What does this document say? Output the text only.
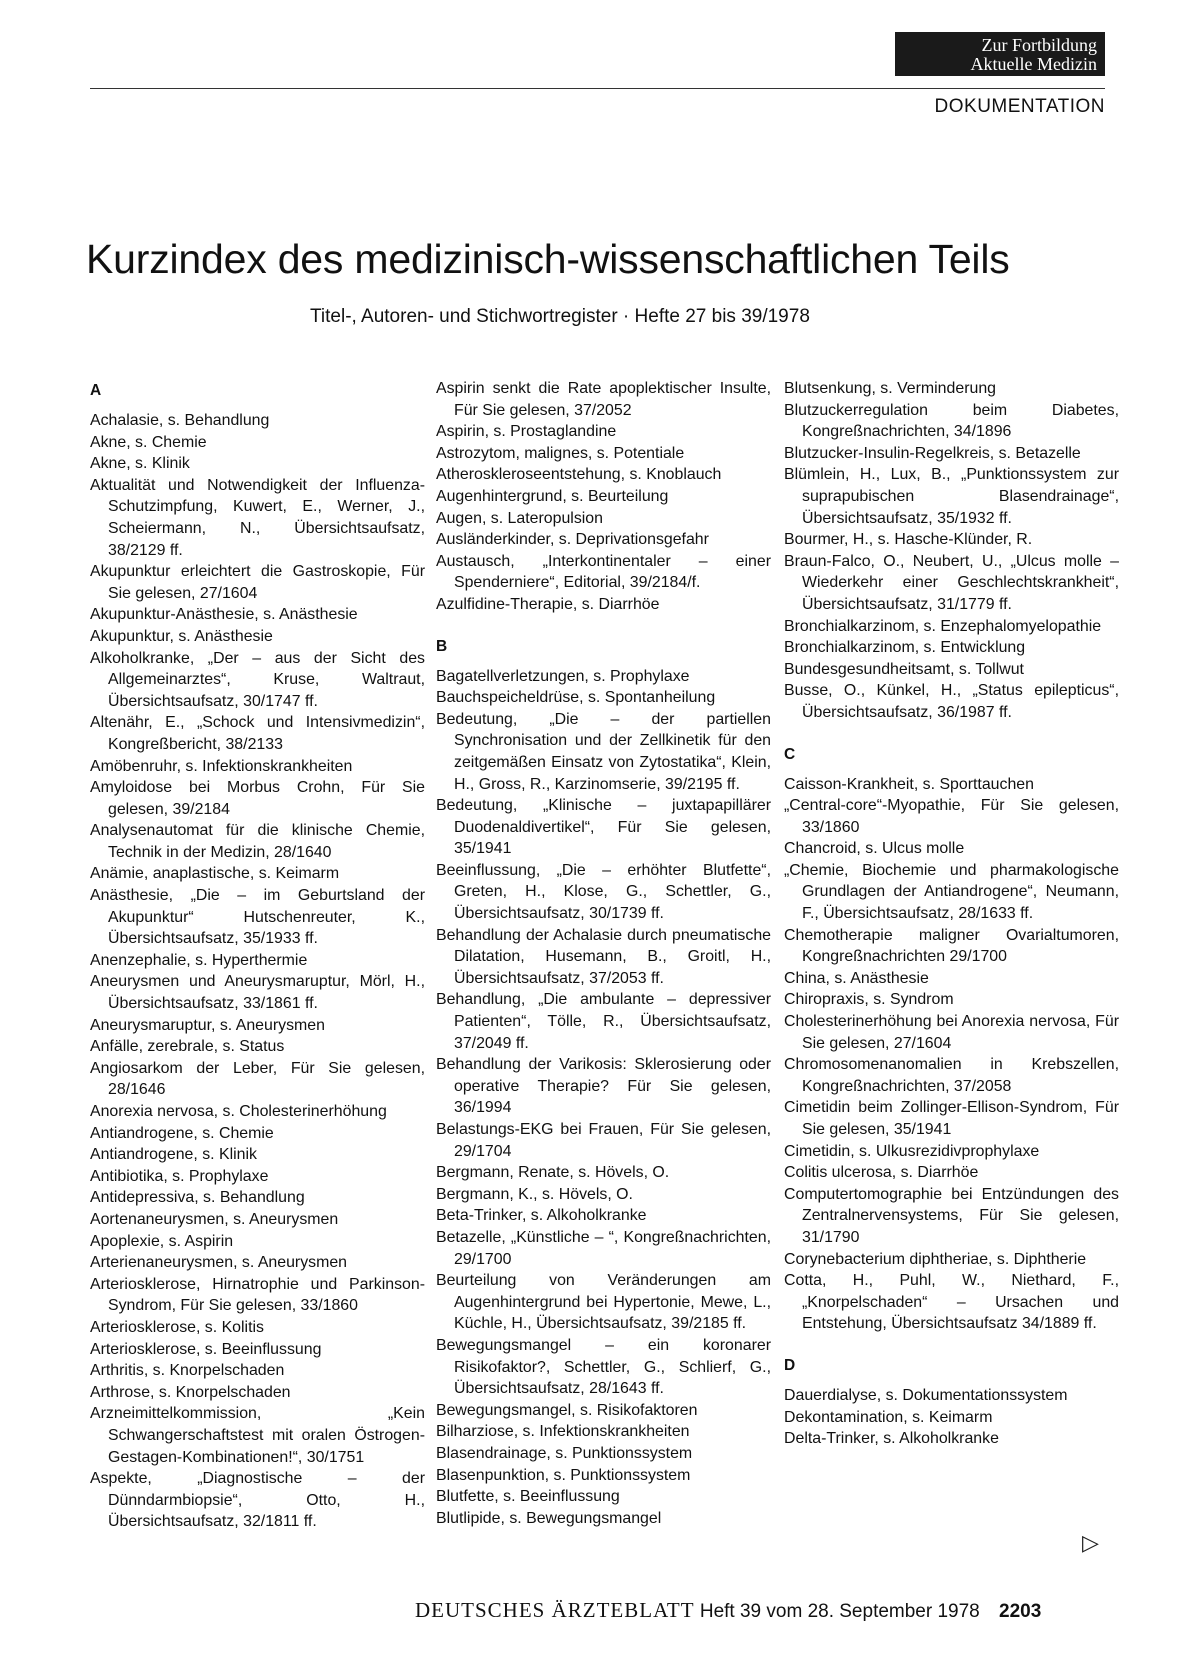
Zur Fortbildung
Aktuelle Medizin
DOKUMENTATION
Kurzindex des medizinisch-wissenschaftlichen Teils
Titel-, Autoren- und Stichwortregister · Hefte 27 bis 39/1978
A
Achalasie, s. Behandlung
Akne, s. Chemie
Akne, s. Klinik
Aktualität und Notwendigkeit der Influenza-Schutzimpfung, Kuwert, E., Werner, J., Scheiermann, N., Übersichtsaufsatz, 38/2129 ff.
Akupunktur erleichtert die Gastroskopie, Für Sie gelesen, 27/1604
Akupunktur-Anästhesie, s. Anästhesie
Akupunktur, s. Anästhesie
Alkoholkranke, „Der – aus der Sicht des Allgemeinarztes“, Kruse, Waltraut, Übersichtsaufsatz, 30/1747 ff.
Altenähr, E., „Schock und Intensivmedizin“, Kongreßbericht, 38/2133
Amöbenruhr, s. Infektionskrankheiten
Amyloidose bei Morbus Crohn, Für Sie gelesen, 39/2184
Analysenautomat für die klinische Chemie, Technik in der Medizin, 28/1640
Anämie, anaplastische, s. Keimarm
Anästhesie, „Die – im Geburtsland der Akupunktur“ Hutschenreuter, K., Übersichtsaufsatz, 35/1933 ff.
Anenzephalie, s. Hyperthermie
Aneurysmen und Aneurysmaruptur, Mörl, H., Übersichtsaufsatz, 33/1861 ff.
Aneurysmaruptur, s. Aneurysmen
Anfälle, zerebrale, s. Status
Angiosarkom der Leber, Für Sie gelesen, 28/1646
Anorexia nervosa, s. Cholesterinerhöhung
Antiandrogene, s. Chemie
Antiandrogene, s. Klinik
Antibiotika, s. Prophylaxe
Antidepressiva, s. Behandlung
Aortenaneurysmen, s. Aneurysmen
Apoplexie, s. Aspirin
Arterienaneurysmen, s. Aneurysmen
Arteriosklerose, Hirnatrophie und Parkinson-Syndrom, Für Sie gelesen, 33/1860
Arteriosklerose, s. Kolitis
Arteriosklerose, s. Beeinflussung
Arthritis, s. Knorpelschaden
Arthrose, s. Knorpelschaden
Arzneimittelkommission, „Kein Schwangerschaftstest mit oralen Östrogen-Gestagen-Kombinationen!“, 30/1751
Aspekte, „Diagnostische – der Dünndarmbiopsie“, Otto, H., Übersichtsaufsatz, 32/1811 ff.
Aspirin senkt die Rate apoplektischer Insulte, Für Sie gelesen, 37/2052
Aspirin, s. Prostaglandine
Astrozytom, malignes, s. Potentiale
Atheroskleroseentstehung, s. Knoblauch
Augenhintergrund, s. Beurteilung
Augen, s. Lateropulsion
Ausländerkinder, s. Deprivationsgefahr
Austausch, „Interkontinentaler – einer Spenderniere“, Editorial, 39/2184/f.
Azulfidine-Therapie, s. Diarrhöe
B
Bagatellverletzungen, s. Prophylaxe
Bauchspeicheldrüse, s. Spontanheilung
Bedeutung, „Die – der partiellen Synchronisation und der Zellkinetik für den zeitgemäßen Einsatz von Zytostatika“, Klein, H., Gross, R., Karzinomserie, 39/2195 ff.
Bedeutung, „Klinische – juxtapapillärer Duodenaldivertikel“, Für Sie gelesen, 35/1941
Beeinflussung, „Die – erhöhter Blutfette“, Greten, H., Klose, G., Schettler, G., Übersichtsaufsatz, 30/1739 ff.
Behandlung der Achalasie durch pneumatische Dilatation, Husemann, B., Groitl, H., Übersichtsaufsatz, 37/2053 ff.
Behandlung, „Die ambulante – depressiver Patienten“, Tölle, R., Übersichtsaufsatz, 37/2049 ff.
Behandlung der Varikosis: Sklerosierung oder operative Therapie? Für Sie gelesen, 36/1994
Belastungs-EKG bei Frauen, Für Sie gelesen, 29/1704
Bergmann, Renate, s. Hövels, O.
Bergmann, K., s. Hövels, O.
Beta-Trinker, s. Alkoholkranke
Betazelle, „Künstliche – “, Kongreßnachrichten, 29/1700
Beurteilung von Veränderungen am Augenhintergrund bei Hypertonie, Mewe, L., Küchle, H., Übersichtsaufsatz, 39/2185 ff.
Bewegungsmangel – ein koronarer Risikofaktor?, Schettler, G., Schlierf, G., Übersichtsaufsatz, 28/1643 ff.
Bewegungsmangel, s. Risikofaktoren
Bilharziose, s. Infektionskrankheiten
Blasendrainage, s. Punktionssystem
Blasenpunktion, s. Punktionssystem
Blutfette, s. Beeinflussung
Blutlipide, s. Bewegungsmangel
Blutsenkung, s. Verminderung
Blutzuckerregulation beim Diabetes, Kongreßnachrichten, 34/1896
Blutzucker-Insulin-Regelkreis, s. Betazelle
Blümlein, H., Lux, B., „Punktionssystem zur suprapubischen Blasendrainage“, Übersichtsaufsatz, 35/1932 ff.
Bourmer, H., s. Hasche-Klünder, R.
Braun-Falco, O., Neubert, U., „Ulcus molle – Wiederkehr einer Geschlechtskrankheit“, Übersichtsaufsatz, 31/1779 ff.
Bronchialkarzinom, s. Enzephalomyelopathie
Bronchialkarzinom, s. Entwicklung
Bundesgesundheitsamt, s. Tollwut
Busse, O., Künkel, H., „Status epilepticus“, Übersichtsaufsatz, 36/1987 ff.
C
Caisson-Krankheit, s. Sporttauchen
„Central-core“-Myopathie, Für Sie gelesen, 33/1860
Chancroid, s. Ulcus molle
„Chemie, Biochemie und pharmakologische Grundlagen der Antiandrogene“, Neumann, F., Übersichtsaufsatz, 28/1633 ff.
Chemotherapie maligner Ovarialtumoren, Kongreßnachrichten 29/1700
China, s. Anästhesie
Chiropraxis, s. Syndrom
Cholesterinerhöhung bei Anorexia nervosa, Für Sie gelesen, 27/1604
Chromosomenanomalien in Krebszellen, Kongreßnachrichten, 37/2058
Cimetidin beim Zollinger-Ellison-Syndrom, Für Sie gelesen, 35/1941
Cimetidin, s. Ulkusrezidivprophylaxe
Colitis ulcerosa, s. Diarrhöe
Computertomographie bei Entzündungen des Zentralnervensystems, Für Sie gelesen, 31/1790
Corynebacterium diphtheriae, s. Diphtherie
Cotta, H., Puhl, W., Niethard, F., „Knorpelschaden“ – Ursachen und Entstehung, Übersichtsaufsatz 34/1889 ff.
D
Dauerdialyse, s. Dokumentationssystem
Dekontamination, s. Keimarm
Delta-Trinker, s. Alkoholkranke
▷
DEUTSCHES ÄRZTEBLATT Heft 39 vom 28. September 1978 2203
